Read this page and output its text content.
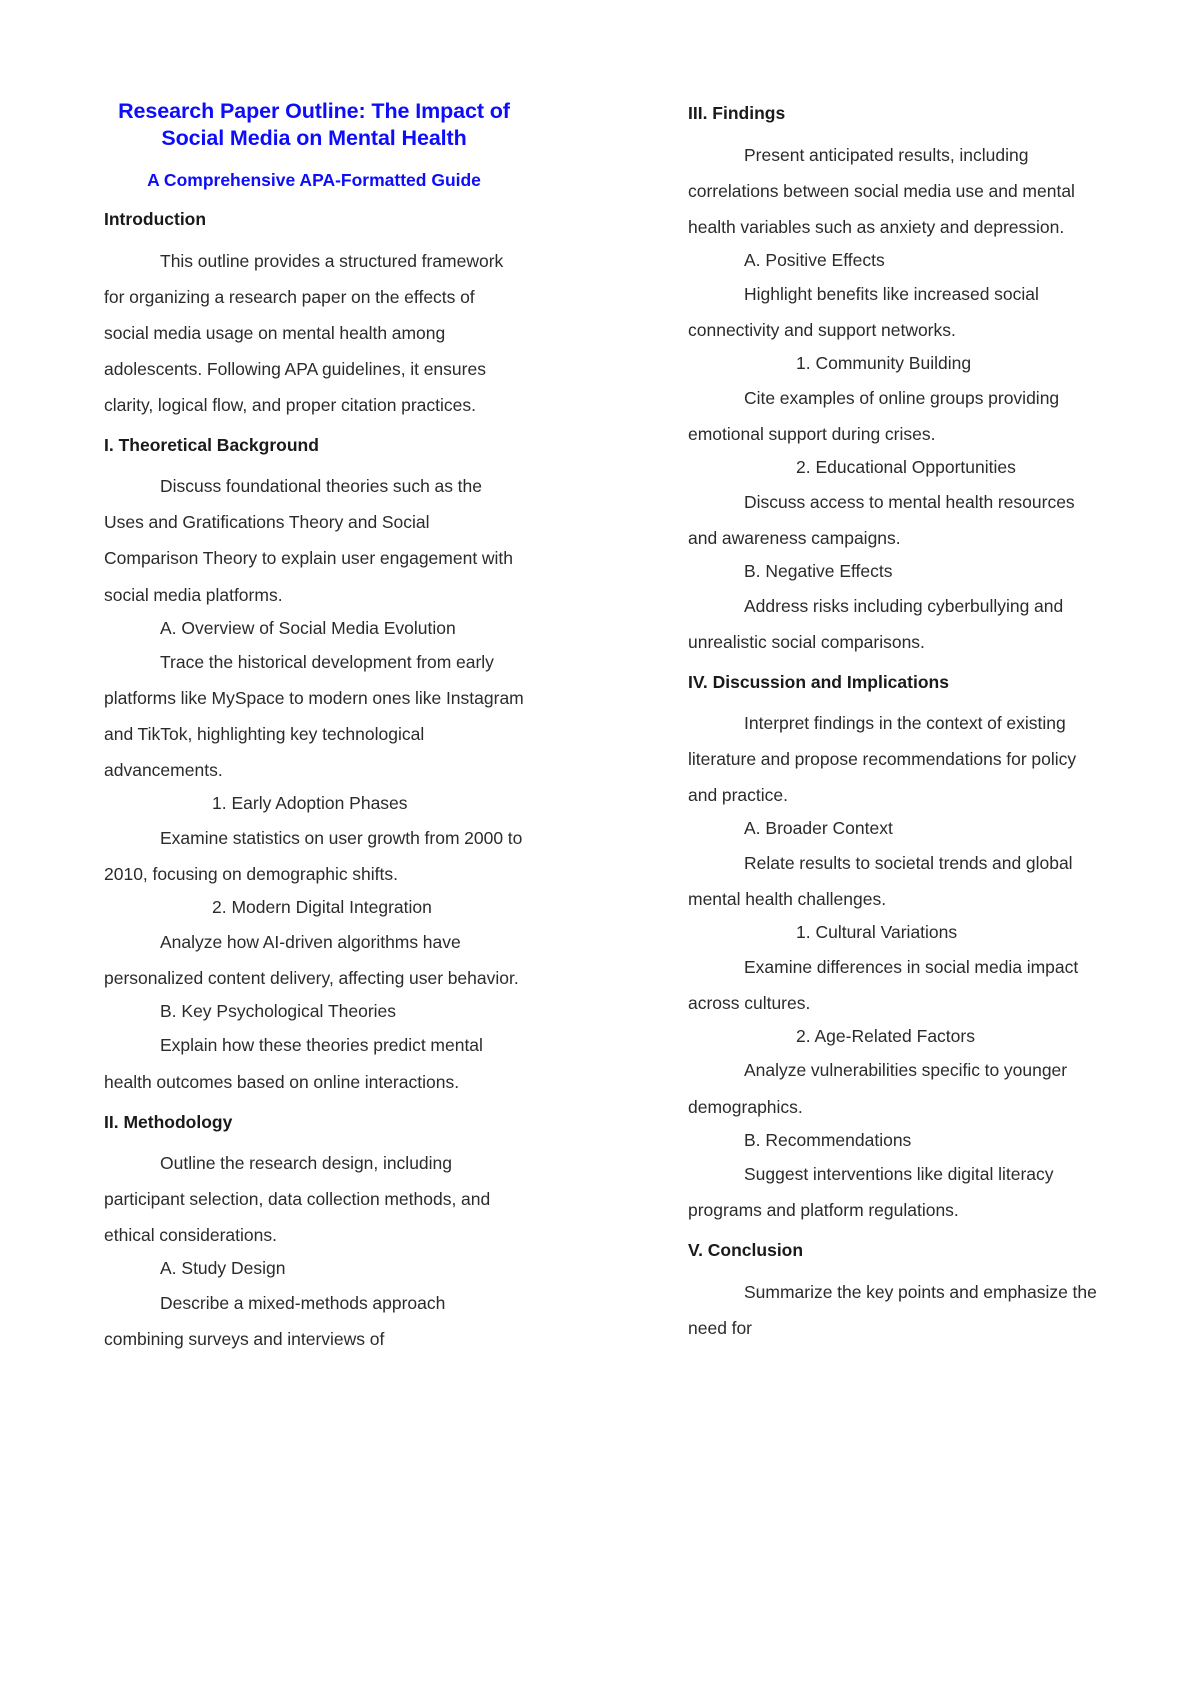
Research Paper Outline: The Impact of Social Media on Mental Health
A Comprehensive APA-Formatted Guide
Introduction
This outline provides a structured framework for organizing a research paper on the effects of social media usage on mental health among adolescents. Following APA guidelines, it ensures clarity, logical flow, and proper citation practices.
I. Theoretical Background
Discuss foundational theories such as the Uses and Gratifications Theory and Social Comparison Theory to explain user engagement with social media platforms.
A. Overview of Social Media Evolution
Trace the historical development from early platforms like MySpace to modern ones like Instagram and TikTok, highlighting key technological advancements.
1. Early Adoption Phases
Examine statistics on user growth from 2000 to 2010, focusing on demographic shifts.
2. Modern Digital Integration
Analyze how AI-driven algorithms have personalized content delivery, affecting user behavior.
B. Key Psychological Theories
Explain how these theories predict mental health outcomes based on online interactions.
II. Methodology
Outline the research design, including participant selection, data collection methods, and ethical considerations.
A. Study Design
Describe a mixed-methods approach combining surveys and interviews of
III. Findings
Present anticipated results, including correlations between social media use and mental health variables such as anxiety and depression.
A. Positive Effects
Highlight benefits like increased social connectivity and support networks.
1. Community Building
Cite examples of online groups providing emotional support during crises.
2. Educational Opportunities
Discuss access to mental health resources and awareness campaigns.
B. Negative Effects
Address risks including cyberbullying and unrealistic social comparisons.
IV. Discussion and Implications
Interpret findings in the context of existing literature and propose recommendations for policy and practice.
A. Broader Context
Relate results to societal trends and global mental health challenges.
1. Cultural Variations
Examine differences in social media impact across cultures.
2. Age-Related Factors
Analyze vulnerabilities specific to younger demographics.
B. Recommendations
Suggest interventions like digital literacy programs and platform regulations.
V. Conclusion
Summarize the key points and emphasize the need for
